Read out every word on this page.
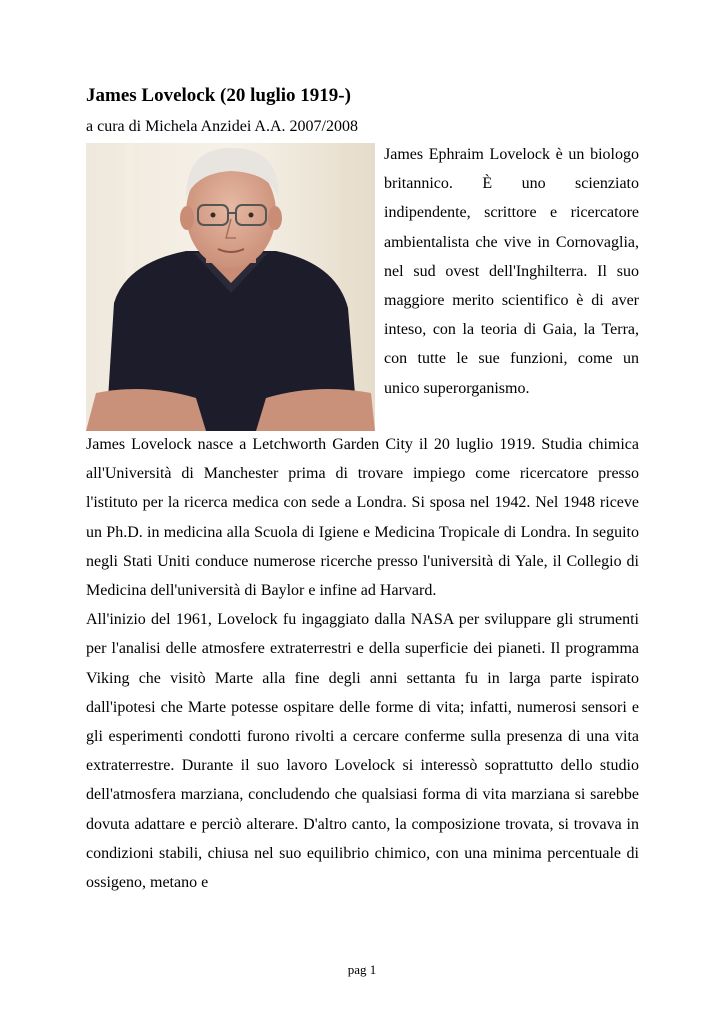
James Lovelock (20 luglio 1919-)

a cura di Michela Anzidei A.A. 2007/2008

James Ephraim Lovelock è un biologo britannico. È uno scienziato indipendente, scrittore e ricercatore ambientalista che vive in Cornovaglia, nel sud ovest dell'Inghilterra. Il suo maggiore merito scientifico è di aver inteso, con la teoria di Gaia, la Terra, con tutte le sue funzioni, come un unico superorganismo.

James Lovelock nasce a Letchworth Garden City il 20 luglio 1919. Studia chimica all'Università di Manchester prima di trovare impiego come ricercatore presso l'istituto per la ricerca medica con sede a Londra. Si sposa nel 1942. Nel 1948 riceve un Ph.D. in medicina alla Scuola di Igiene e Medicina Tropicale di Londra. In seguito negli Stati Uniti conduce numerose ricerche presso l'università di Yale, il Collegio di Medicina dell'università di Baylor e infine ad Harvard.

All'inizio del 1961, Lovelock fu ingaggiato dalla NASA per sviluppare gli strumenti per l'analisi delle atmosfere extraterrestri e della superficie dei pianeti. Il programma Viking che visitò Marte alla fine degli anni settanta fu in larga parte ispirato dall'ipotesi che Marte potesse ospitare delle forme di vita; infatti, numerosi sensori e gli esperimenti condotti furono rivolti a cercare conferme sulla presenza di una vita extraterrestre. Durante il suo lavoro Lovelock si interessò soprattutto dello studio dell'atmosfera marziana, concludendo che qualsiasi forma di vita marziana si sarebbe dovuta adattare e perciò alterare. D'altro canto, la composizione trovata, si trovava in condizioni stabili, chiusa nel suo equilibrio chimico, con una minima percentuale di ossigeno, metano e

pag 1
